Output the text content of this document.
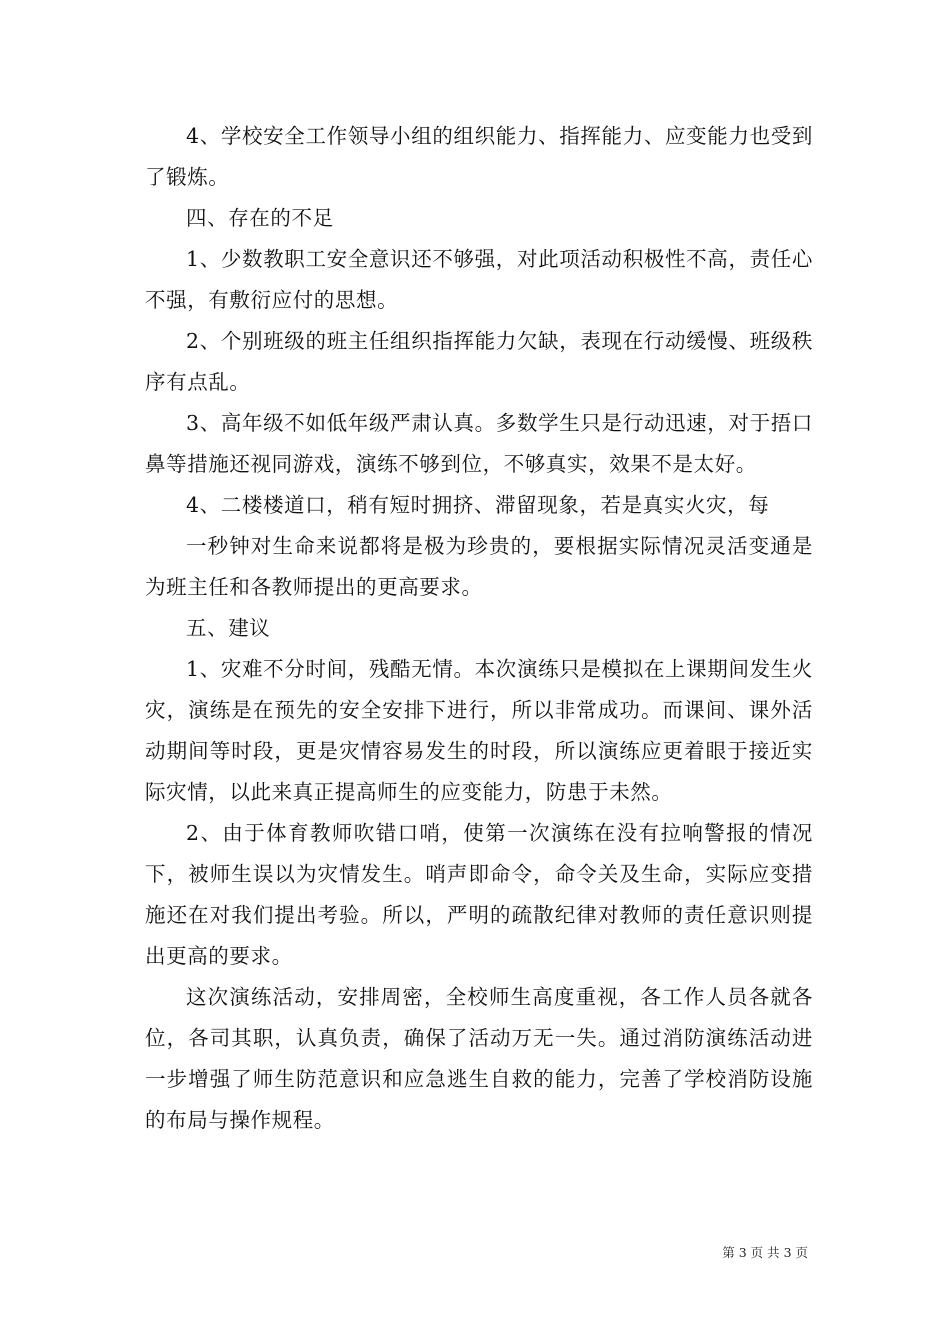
4、学校安全工作领导小组的组织能力、指挥能力、应变能力也受到了锻炼。

四、存在的不足

1、少数教职工安全意识还不够强，对此项活动积极性不高，责任心不强，有敷衍应付的思想。

2、个别班级的班主任组织指挥能力欠缺，表现在行动缓慢、班级秩序有点乱。

3、高年级不如低年级严肃认真。多数学生只是行动迅速，对于捂口鼻等措施还视同游戏，演练不够到位，不够真实，效果不是太好。

4、二楼楼道口，稍有短时拥挤、滞留现象，若是真实火灾，每

一秒钟对生命来说都将是极为珍贵的，要根据实际情况灵活变通是为班主任和各教师提出的更高要求。

五、建议

1、灾难不分时间，残酷无情。本次演练只是模拟在上课期间发生火灾，演练是在预先的安全安排下进行，所以非常成功。而课间、课外活动期间等时段，更是灾情容易发生的时段，所以演练应更着眼于接近实际灾情，以此来真正提高师生的应变能力，防患于未然。

2、由于体育教师吹错口哨，使第一次演练在没有拉响警报的情况下，被师生误以为灾情发生。哨声即命令，命令关及生命，实际应变措施还在对我们提出考验。所以，严明的疏散纪律对教师的责任意识则提出更高的要求。

这次演练活动，安排周密，全校师生高度重视，各工作人员各就各位，各司其职，认真负责，确保了活动万无一失。通过消防演练活动进一步增强了师生防范意识和应急逃生自救的能力，完善了学校消防设施的布局与操作规程。

第 3 页 共 3 页
